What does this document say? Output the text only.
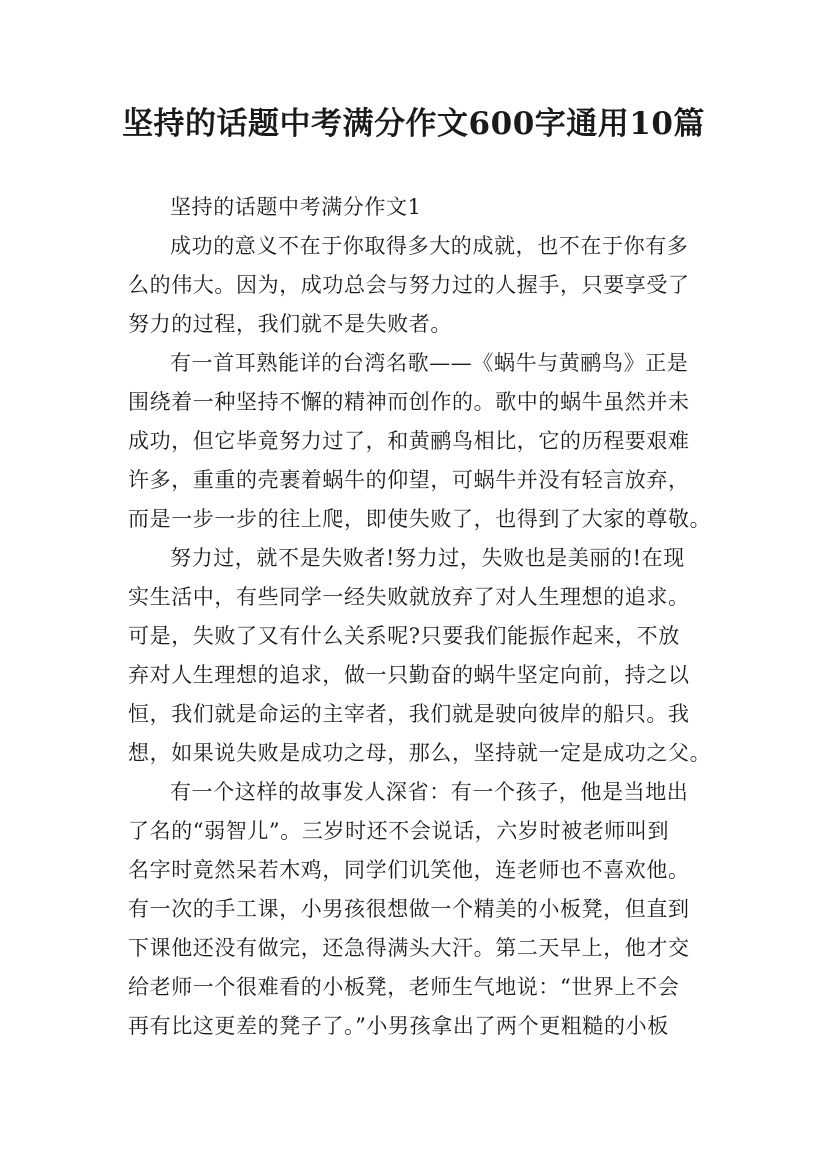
坚持的话题中考满分作文600字通用10篇
坚持的话题中考满分作文1
成功的意义不在于你取得多大的成就，也不在于你有多
么的伟大。因为，成功总会与努力过的人握手，只要享受了
努力的过程，我们就不是失败者。
有一首耳熟能详的台湾名歌——《蜗牛与黄鹂鸟》正是
围绕着一种坚持不懈的精神而创作的。歌中的蜗牛虽然并未
成功，但它毕竟努力过了，和黄鹂鸟相比，它的历程要艰难
许多，重重的壳裹着蜗牛的仰望，可蜗牛并没有轻言放弃，
而是一步一步的往上爬，即使失败了，也得到了大家的尊敬。
努力过，就不是失败者!努力过，失败也是美丽的!在现
实生活中，有些同学一经失败就放弃了对人生理想的追求。
可是，失败了又有什么关系呢?只要我们能振作起来，不放
弃对人生理想的追求，做一只勤奋的蜗牛坚定向前，持之以
恒，我们就是命运的主宰者，我们就是驶向彼岸的船只。我
想，如果说失败是成功之母，那么，坚持就一定是成功之父。
有一个这样的故事发人深省：有一个孩子，他是当地出
了名的“弱智儿”。三岁时还不会说话，六岁时被老师叫到
名字时竟然呆若木鸡，同学们讥笑他，连老师也不喜欢他。
有一次的手工课，小男孩很想做一个精美的小板凳，但直到
下课他还没有做完，还急得满头大汗。第二天早上，他才交
给老师一个很难看的小板凳，老师生气地说：“世界上不会
再有比这更差的凳子了。”小男孩拿出了两个更粗糙的小板
